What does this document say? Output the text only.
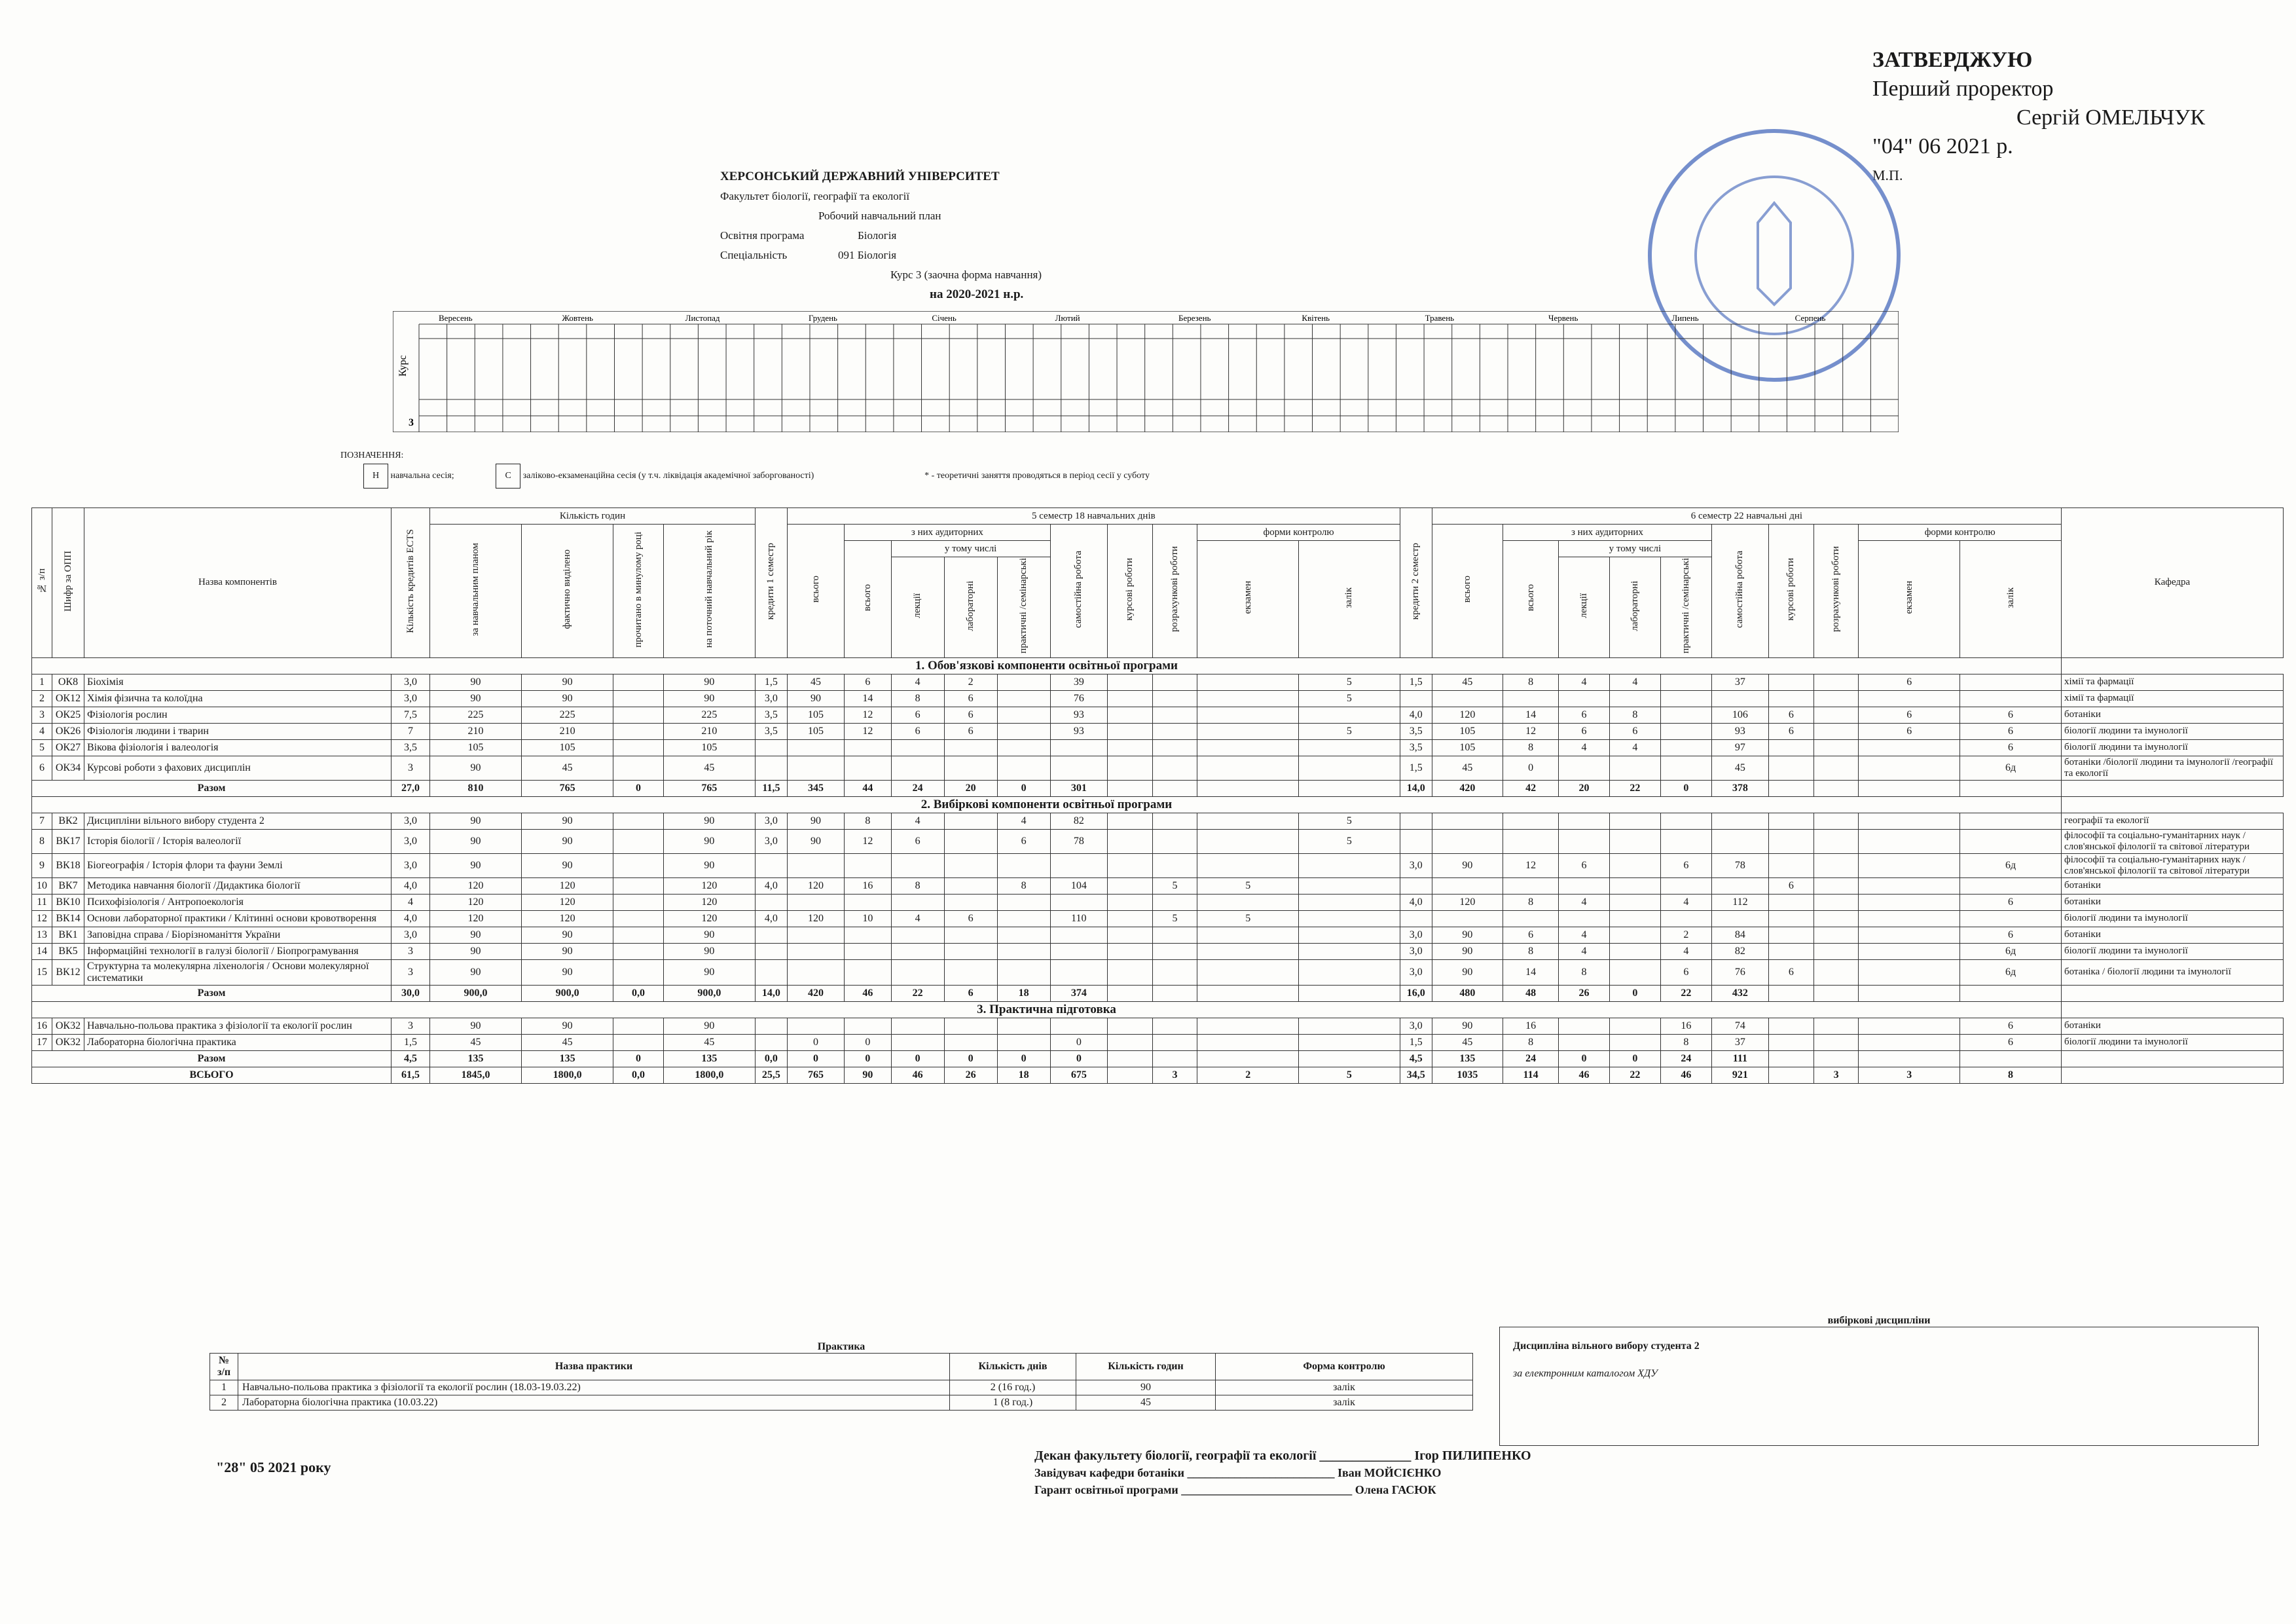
ЗАТВЕРДЖУЮ
Перший проректор
Сергій ОМЕЛЬЧУК
"04" 06 2021 р.
М.П.
ХЕРСОНСЬКИЙ ДЕРЖАВНИЙ УНІВЕРСИТЕТ
Факультет біології, географії та екології
Робочий навчальний план
Освітня програма	Біологія
Спеціальність	091 Біологія
Курс 3 (заочна форма навчання)
на 2020-2021 н.р.
Курс
3
Вересень	Жовтень	Листопад	Грудень	Січень	Лютий	Березень	Квітень	Травень	Червень	Липень	Серпень
ПОЗНАЧЕННЯ:
Н навчальна сесія;	С заліково-екзаменаційна сесія (у т.ч. ліквідація академічної заборгованості)	* - теоретичні заняття проводяться в період сесії у суботу
№ з/п	Шифр за ОПП	Назва компонентів	Кількість кредитів ECTS	Кількість годин				кредити 1 семестр	5 семестр 18 навчальних днів										кредити 2 семестр	6 семестр 22 навчальні дні										Кафедра
				за навчальним планом	фактично виділено	прочитано в минулому році	на поточний навчальний рік		всього	з них аудиторних				самостійна робота	курсові роботи	розрахункові роботи	форми контролю			всього	з них аудиторних				самостійна робота	курсові роботи	розрахункові роботи	форми контролю		
										всього	у тому числі						екзамен	залік			всього	у тому числі						екзамен	залік	
											лекції	лабораторні	практичні /семінарські									лекції	лабораторні	практичні /семінарські						
1. Обов'язкові компоненти освітньої програми																														
1	ОК8	Біохімія	3,0	90	90		90	1,5	45	6	4	2		39				5	1,5	45	8	4	4		37			6		хімії та фармації
2	ОК12	Хімія фізична та колоїдна	3,0	90	90		90	3,0	90	14	8	6		76				5												хімії та фармації
3	ОК25	Фізіологія рослин	7,5	225	225		225	3,5	105	12	6	6		93					4,0	120	14	6	8		106	6		6	6	ботаніки
4	ОК26	Фізіологія людини і тварин	7	210	210		210	3,5	105	12	6	6		93				5	3,5	105	12	6	6		93	6		6	6	біології людини та імунології
5	ОК27	Вікова фізіологія і валеологія	3,5	105	105		105												3,5	105	8	4	4		97				6	біології людини та імунології
6	ОК34	Курсові роботи з фахових дисциплін	3	90	45		45												1,5	45	0				45				6д	ботаніки /біології людини та імунології /географії та екології
Разом			27,0	810	765	0	765	11,5	345	44	24	20	0	301					14,0	420	42	20	22	0	378					
2. Вибіркові компоненти освітньої програми																														
7	ВК2	Дисципліни вільного вибору студента 2	3,0	90	90		90	3,0	90	8	4		4	82				5												географії та екології
8	ВК17	Історія біології / Історія валеології	3,0	90	90		90	3,0	90	12	6		6	78				5												філософії та соціально-гуманітарних наук / слов'янської філології та світової літератури
9	ВК18	Біогеографія / Історія флори та фауни Землі	3,0	90	90		90												3,0	90	12	6		6	78				6д	філософії та соціально-гуманітарних наук / слов'янської філології та світової літератури
10	ВК7	Методика навчання біології /Дидактика біології	4,0	120	120		120	4,0	120	16	8		8	104		5	5									6				ботаніки
11	ВК10	Психофізіологія / Антропоекологія	4	120	120		120												4,0	120	8	4		4	112				6	ботаніки
12	ВК14	Основи лабораторної практики / Клітинні основи кровотворення	4,0	120	120		120	4,0	120	10	4	6		110		5	5													біології людини та імунології
13	ВК1	Заповідна справа / Біорізноманіття України	3,0	90	90		90												3,0	90	6	4		2	84				6	ботаніки
14	ВК5	Інформаційні технології в галузі біології / Біопрограмування	3	90	90		90												3,0	90	8	4		4	82				6д	біології людини та імунології
15	ВК12	Структурна та молекулярна ліхенологія / Основи молекулярної систематики	3	90	90		90												3,0	90	14	8		6	76	6			6д	ботаніка / біології людини та імунології
Разом			30,0	900,0	900,0	0,0	900,0	14,0	420	46	22	6	18	374					16,0	480	48	26	0	22	432					
3. Практична підготовка																														
16	ОК32	Навчально-польова практика з фізіології та екології рослин	3	90	90		90												3,0	90	16			16	74				6	ботаніки
17	ОК32	Лабораторна біологічна практика	1,5	45	45		45		0	0				0					1,5	45	8			8	37				6	біології людини та імунології
Разом			4,5	135	135	0	135	0,0	0	0	0	0	0	0					4,5	135	24	0	0	24	111					
ВСЬОГО			61,5	1845,0	1800,0	0,0	1800,0	25,5	765	90	46	26	18	675		3	2	5	34,5	1035	114	46	22	46	921		3	3	8	
Практика
№ з/п	Назва практики	Кількість днів	Кількість годин	Форма контролю
1	Навчально-польова практика з фізіології та екології рослин (18.03-19.03.22)	2 (16 год.)	90	залік
2	Лабораторна біологічна практика (10.03.22)	1 (8 год.)	45	залік
вибіркові дисципліни
Дисципліна вільного вибору студента 2
за електронним каталогом ХДУ
"28" 05 2021 року
Декан факультету біології, географії та екології ______________ Ігор ПИЛИПЕНКО
Завідувач кафедри ботаніки _________________________ Іван МОЙСІЄНКО
Гарант освітньої програми _____________________________ Олена ГАСЮК
